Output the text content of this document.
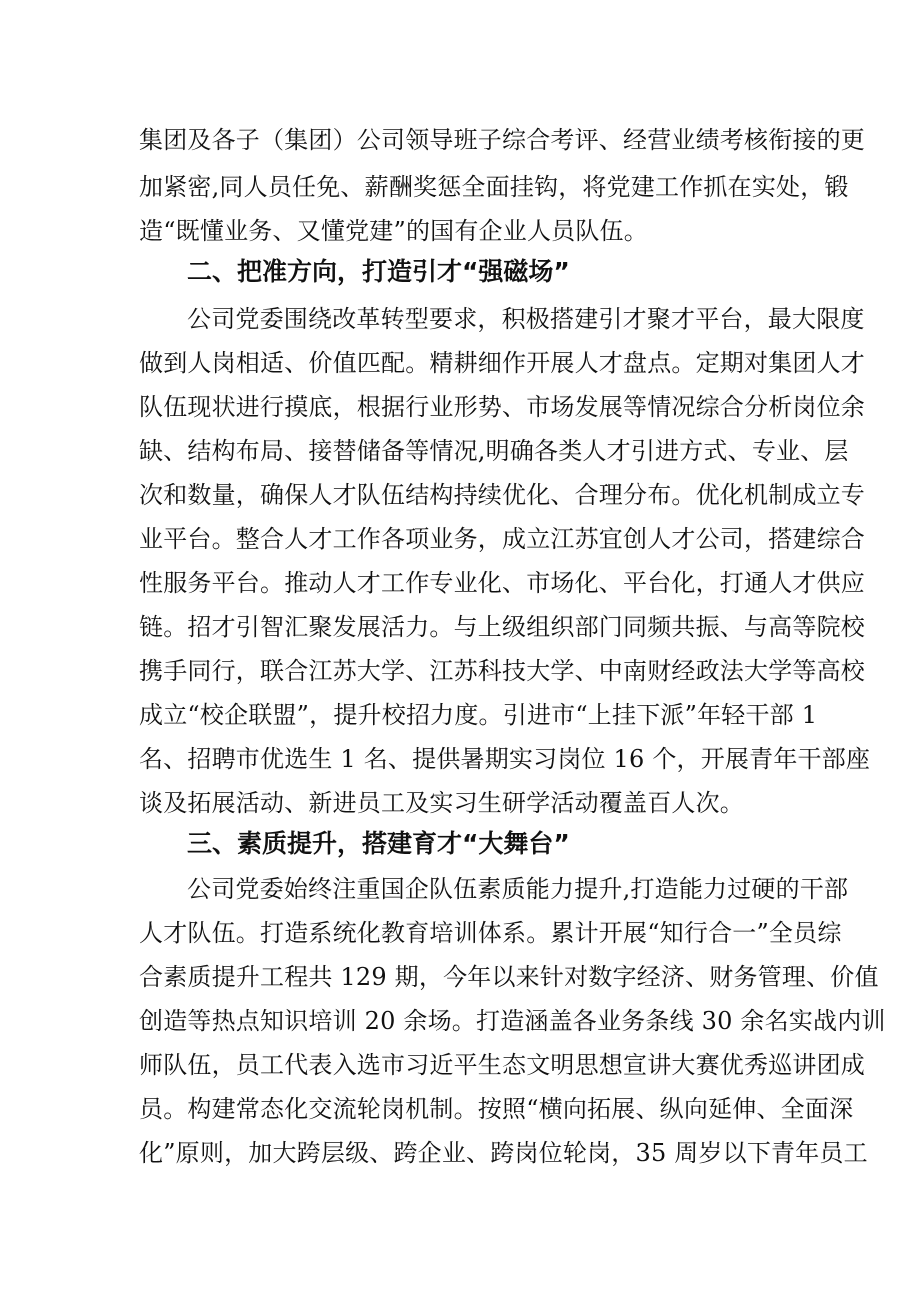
集团及各子（集团）公司领导班子综合考评、经营业绩考核衔接的更
加紧密,同人员任免、薪酬奖惩全面挂钩，将党建工作抓在实处，锻
造“既懂业务、又懂党建”的国有企业人员队伍。
二、把准方向，打造引才“强磁场”
公司党委围绕改革转型要求，积极搭建引才聚才平台，最大限度
做到人岗相适、价值匹配。精耕细作开展人才盘点。定期对集团人才
队伍现状进行摸底，根据行业形势、市场发展等情况综合分析岗位余
缺、结构布局、接替储备等情况,明确各类人才引进方式、专业、层
次和数量，确保人才队伍结构持续优化、合理分布。优化机制成立专
业平台。整合人才工作各项业务，成立江苏宜创人才公司，搭建综合
性服务平台。推动人才工作专业化、市场化、平台化，打通人才供应
链。招才引智汇聚发展活力。与上级组织部门同频共振、与高等院校
携手同行，联合江苏大学、江苏科技大学、中南财经政法大学等高校
成立“校企联盟”，提升校招力度。引进市“上挂下派”年轻干部 1
名、招聘市优选生 1 名、提供暑期实习岗位 16 个，开展青年干部座
谈及拓展活动、新进员工及实习生研学活动覆盖百人次。
三、素质提升，搭建育才“大舞台”
公司党委始终注重国企队伍素质能力提升,打造能力过硬的干部
人才队伍。打造系统化教育培训体系。累计开展“知行合一”全员综
合素质提升工程共 129 期，今年以来针对数字经济、财务管理、价值
创造等热点知识培训 20 余场。打造涵盖各业务条线 30 余名实战内训
师队伍，员工代表入选市习近平生态文明思想宣讲大赛优秀巡讲团成
员。构建常态化交流轮岗机制。按照“横向拓展、纵向延伸、全面深
化”原则，加大跨层级、跨企业、跨岗位轮岗，35 周岁以下青年员工
